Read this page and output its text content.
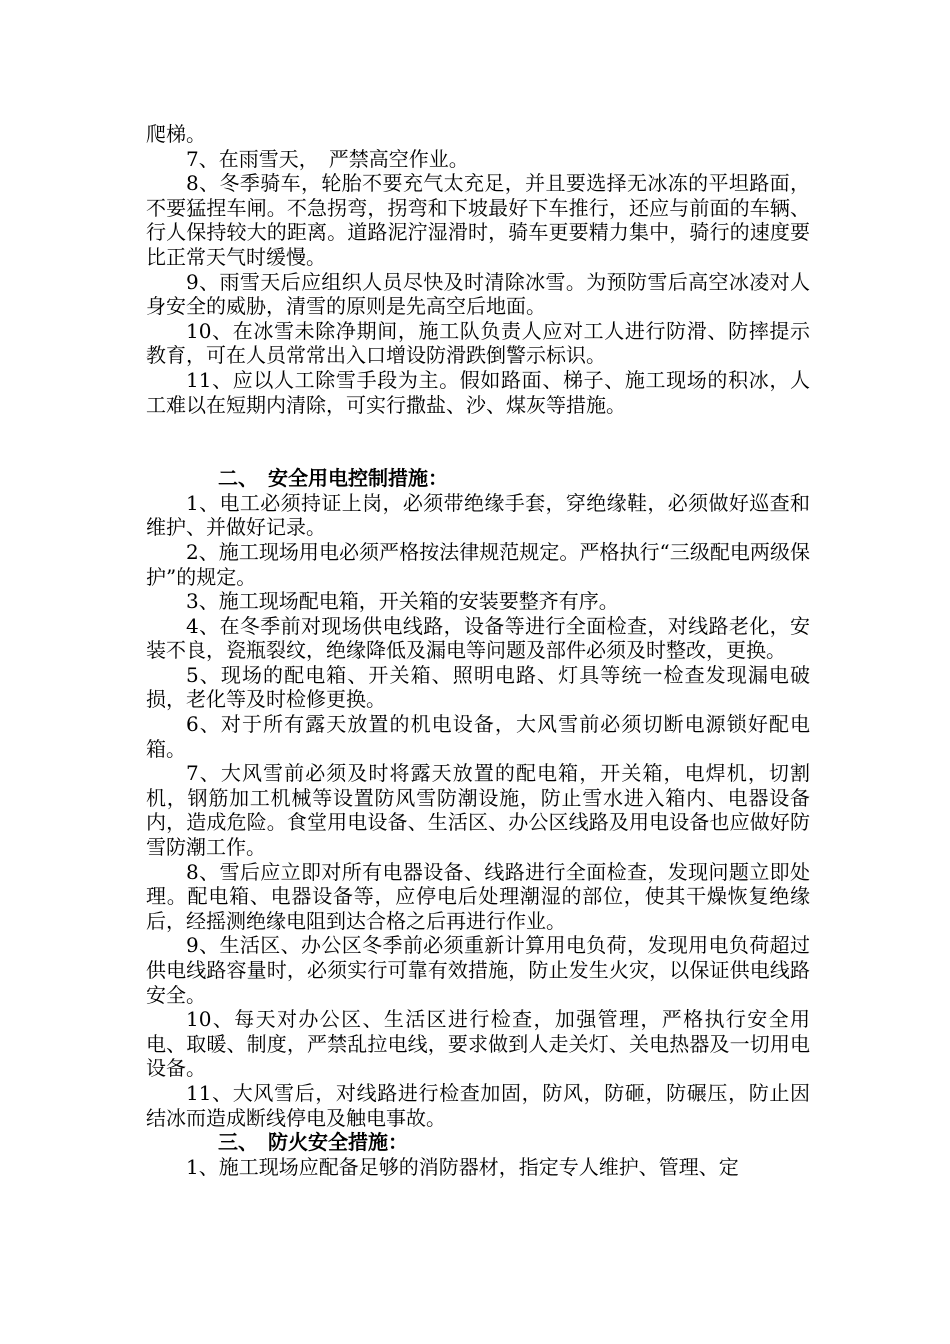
爬梯。

7、在雨雪天，　严禁高空作业。

8、冬季骑车，轮胎不要充气太充足，并且要选择无冰冻的平坦路面，不要猛捏车闸。不急拐弯，拐弯和下坡最好下车推行，还应与前面的车辆、行人保持较大的距离。道路泥泞湿滑时，骑车更要精力集中，骑行的速度要比正常天气时缓慢。

9、雨雪天后应组织人员尽快及时清除冰雪。为预防雪后高空冰凌对人身安全的威胁，清雪的原则是先高空后地面。

10、在冰雪未除净期间，施工队负责人应对工人进行防滑、防摔提示教育，可在人员常常出入口增设防滑跌倒警示标识。

11、应以人工除雪手段为主。假如路面、梯子、施工现场的积冰，人工难以在短期内清除，可实行撒盐、沙、煤灰等措施。

二、　安全用电控制措施：

1、电工必须持证上岗，必须带绝缘手套，穿绝缘鞋，必须做好巡查和维护、并做好记录。

2、施工现场用电必须严格按法律规范规定。严格执行“三级配电两级保护”的规定。

3、施工现场配电箱，开关箱的安装要整齐有序。

4、在冬季前对现场供电线路，设备等进行全面检查，对线路老化，安装不良，瓷瓶裂纹，绝缘降低及漏电等问题及部件必须及时整改，更换。

5、现场的配电箱、开关箱、照明电路、灯具等统一检查发现漏电破损，老化等及时检修更换。

6、对于所有露天放置的机电设备，大风雪前必须切断电源锁好配电箱。

7、大风雪前必须及时将露天放置的配电箱，开关箱，电焊机，切割机，钢筋加工机械等设置防风雪防潮设施，防止雪水进入箱内、电器设备内，造成危险。食堂用电设备、生活区、办公区线路及用电设备也应做好防雪防潮工作。

8、雪后应立即对所有电器设备、线路进行全面检查，发现问题立即处理。配电箱、电器设备等，应停电后处理潮湿的部位，使其干燥恢复绝缘后，经摇测绝缘电阻到达合格之后再进行作业。

9、生活区、办公区冬季前必须重新计算用电负荷，发现用电负荷超过供电线路容量时，必须实行可靠有效措施，防止发生火灾，以保证供电线路安全。

10、每天对办公区、生活区进行检查，加强管理，严格执行安全用电、取暖、制度，严禁乱拉电线，要求做到人走关灯、关电热器及一切用电设备。

11、大风雪后，对线路进行检查加固，防风，防砸，防碾压，防止因结冰而造成断线停电及触电事故。

三、　防火安全措施：

1、施工现场应配备足够的消防器材，指定专人维护、管理、定
